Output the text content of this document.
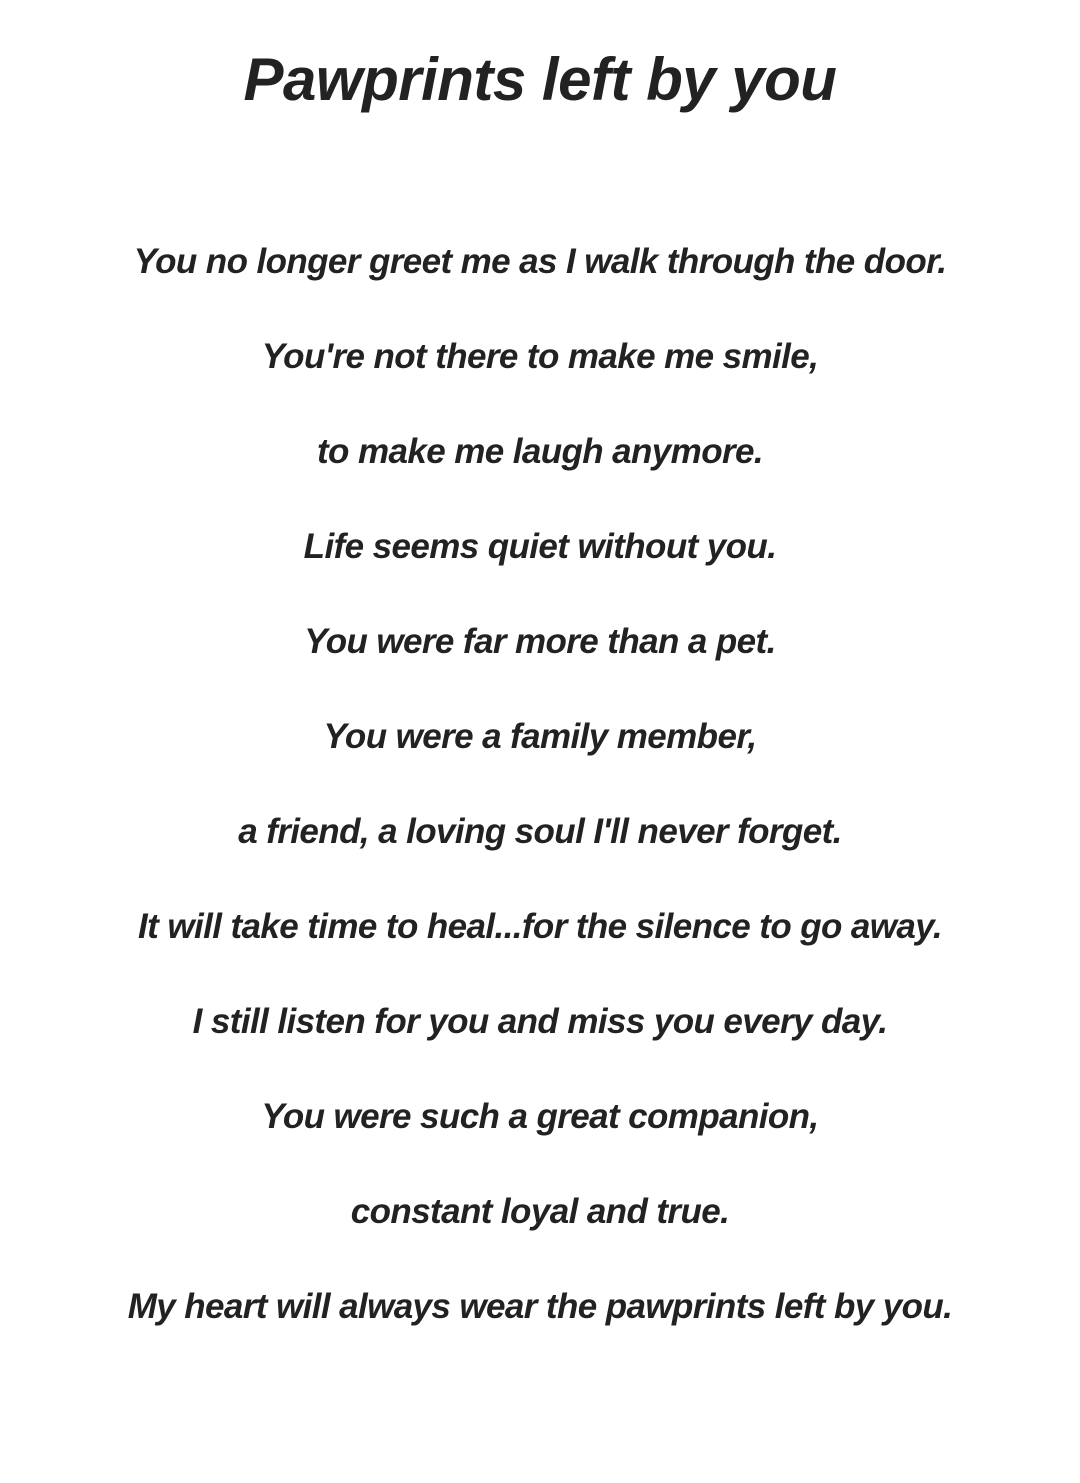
Pawprints left by you
You no longer greet me as I walk through the door.
You're not there to make me smile,
to make me laugh anymore.
Life seems quiet without you.
You were far more than a pet.
You were a family member,
a friend, a loving soul I'll never forget.
It will take time to heal...for the silence to go away.
I still listen for you and miss you every day.
You were such a great companion,
constant loyal and true.
My heart will always wear the pawprints left by you.
